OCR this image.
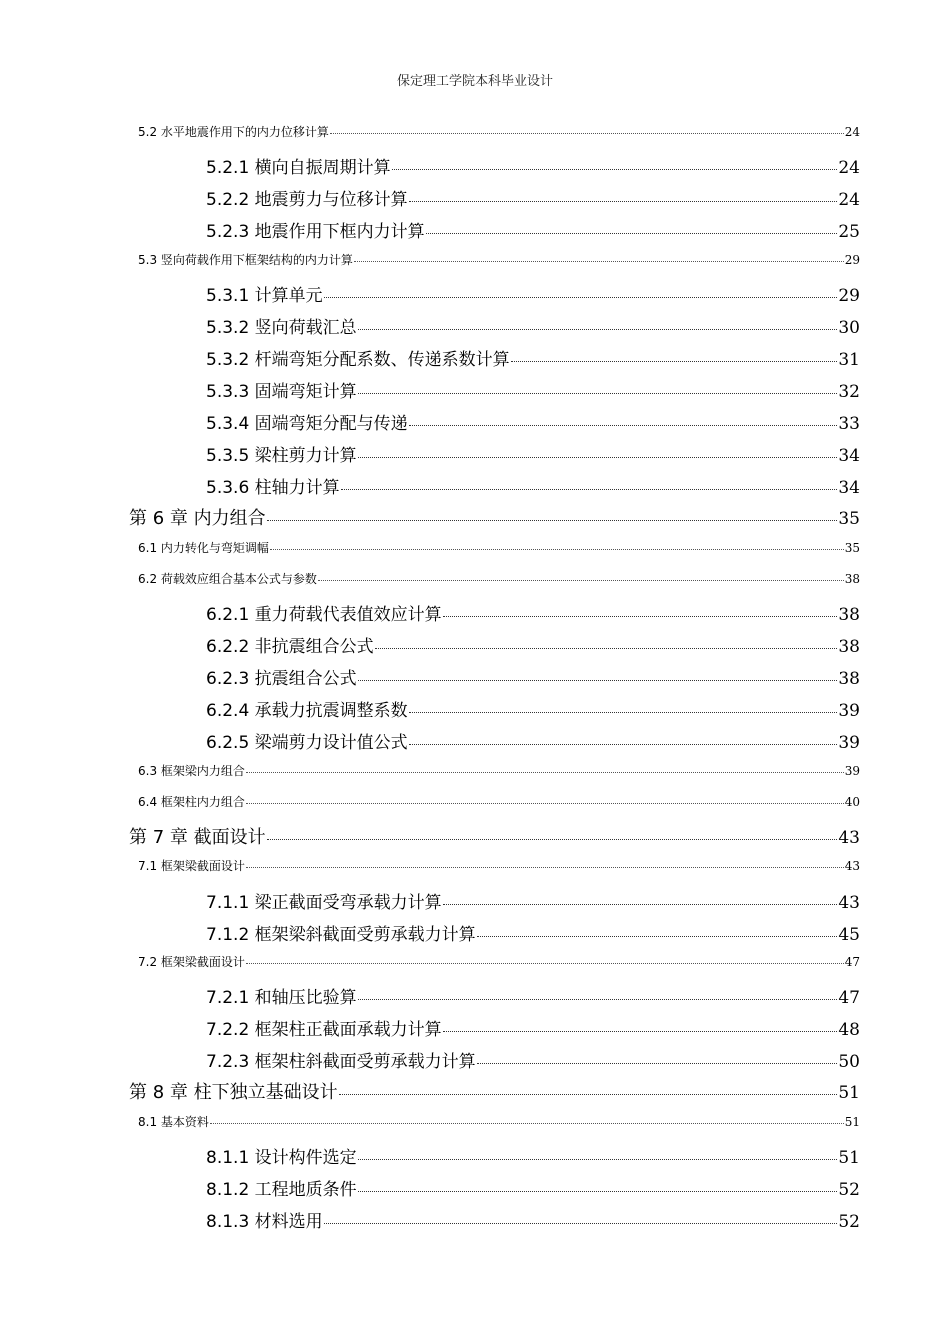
保定理工学院本科毕业设计
5.2 水平地震作用下的内力位移计算	24
5.2.1 横向自振周期计算	24
5.2.2 地震剪力与位移计算	24
5.2.3 地震作用下框内力计算	25
5.3 竖向荷载作用下框架结构的内力计算	29
5.3.1 计算单元	29
5.3.2 竖向荷载汇总	30
5.3.2 杆端弯矩分配系数、传递系数计算	31
5.3.3 固端弯矩计算	32
5.3.4 固端弯矩分配与传递	33
5.3.5 梁柱剪力计算	34
5.3.6 柱轴力计算	34
第 6 章 内力组合	35
6.1 内力转化与弯矩调幅	35
6.2 荷载效应组合基本公式与参数	38
6.2.1 重力荷载代表值效应计算	38
6.2.2 非抗震组合公式	38
6.2.3 抗震组合公式	38
6.2.4 承载力抗震调整系数	39
6.2.5 梁端剪力设计值公式	39
6.3 框架梁内力组合	39
6.4 框架柱内力组合	40
第 7 章 截面设计	43
7.1 框架梁截面设计	43
7.1.1 梁正截面受弯承载力计算	43
7.1.2 框架梁斜截面受剪承载力计算	45
7.2 框架梁截面设计	47
7.2.1 和轴压比验算	47
7.2.2 框架柱正截面承载力计算	48
7.2.3 框架柱斜截面受剪承载力计算	50
第 8 章 柱下独立基础设计	51
8.1 基本资料	51
8.1.1 设计构件选定	51
8.1.2 工程地质条件	52
8.1.3 材料选用	52
